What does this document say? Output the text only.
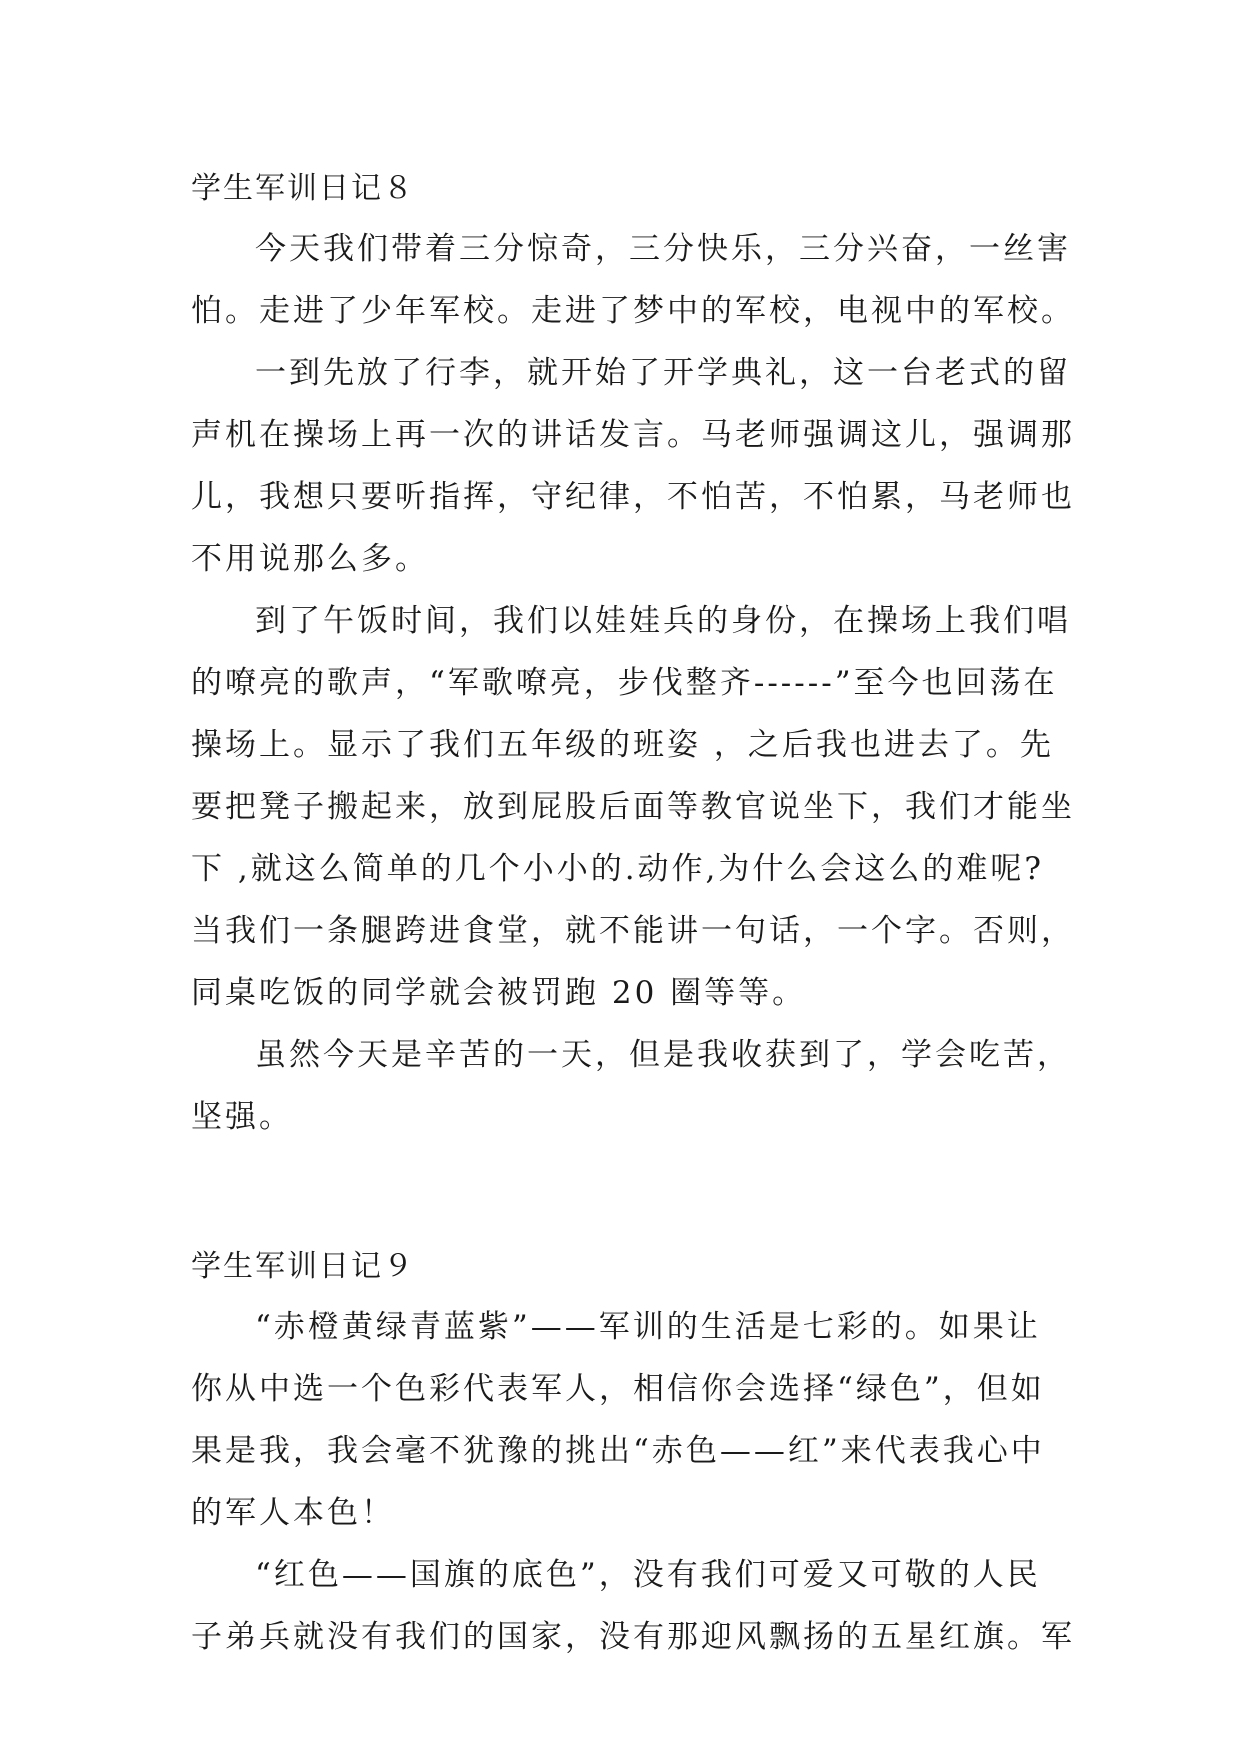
学生军训日记８

今天我们带着三分惊奇，三分快乐，三分兴奋，一丝害
怕。走进了少年军校。走进了梦中的军校，电视中的军校。

一到先放了行李，就开始了开学典礼，这一台老式的留
声机在操场上再一次的讲话发言。马老师强调这儿，强调那
儿，我想只要听指挥，守纪律，不怕苦，不怕累，马老师也
不用说那么多。

到了午饭时间，我们以娃娃兵的身份，在操场上我们唱
的嘹亮的歌声，“军歌嘹亮，步伐整齐------”至今也回荡在
操场上。显示了我们五年级的班姿 ，之后我也进去了。先
要把凳子搬起来，放到屁股后面等教官说坐下，我们才能坐
下 ,就这么简单的几个小小的.动作,为什么会这么的难呢?
当我们一条腿跨进食堂，就不能讲一句话，一个字。否则，
同桌吃饭的同学就会被罚跑 20 圈等等。

虽然今天是辛苦的一天，但是我收获到了，学会吃苦，
坚强。

学生军训日记９

“赤橙黄绿青蓝紫”——军训的生活是七彩的。如果让
你从中选一个色彩代表军人，相信你会选择“绿色”，但如
果是我，我会毫不犹豫的挑出“赤色——红”来代表我心中
的军人本色！

“红色——国旗的底色”，没有我们可爱又可敬的人民
子弟兵就没有我们的国家，没有那迎风飘扬的五星红旗。军
